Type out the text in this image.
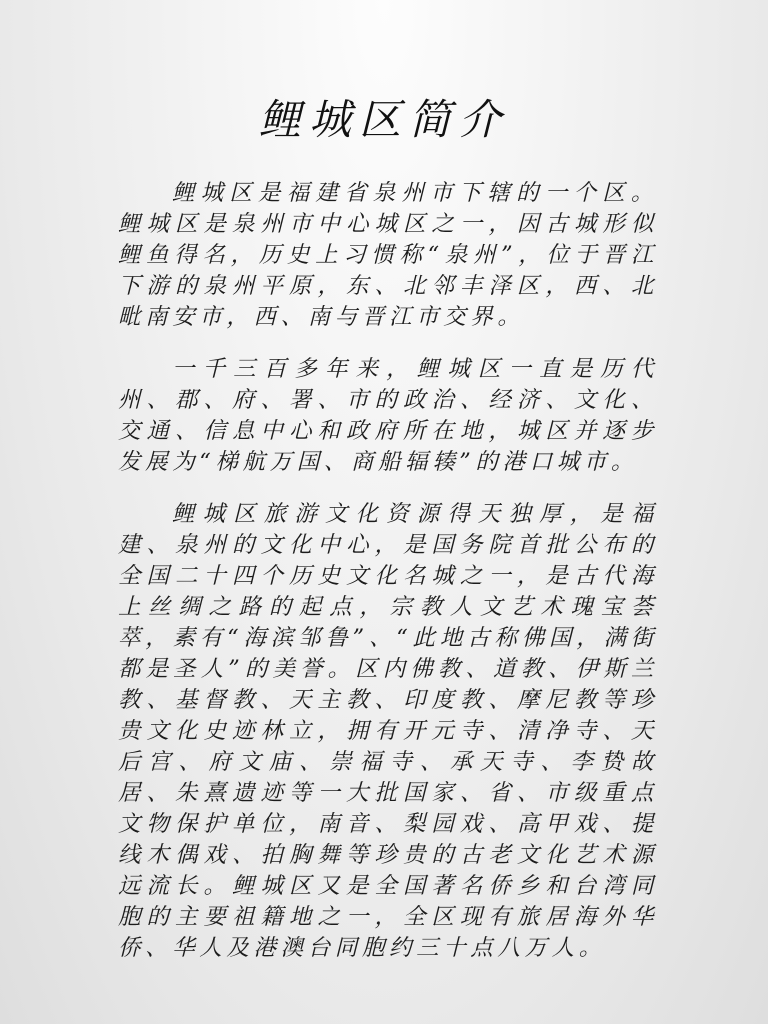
鲤城区简介

鲤城区是福建省泉州市下辖的一个区。鲤城区是泉州市中心城区之一，因古城形似鲤鱼得名，历史上习惯称“泉州”，位于晋江下游的泉州平原，东、北邻丰泽区，西、北毗南安市，西、南与晋江市交界。

一千三百多年来，鲤城区一直是历代州、郡、府、署、市的政治、经济、文化、交通、信息中心和政府所在地，城区并逐步发展为“梯航万国、商船辐辏”的港口城市。

鲤城区旅游文化资源得天独厚，是福建、泉州的文化中心，是国务院首批公布的全国二十四个历史文化名城之一，是古代海上丝绸之路的起点，宗教人文艺术瑰宝荟萃，素有“海滨邹鲁”、“此地古称佛国，满街都是圣人”的美誉。区内佛教、道教、伊斯兰教、基督教、天主教、印度教、摩尼教等珍贵文化史迹林立，拥有开元寺、清净寺、天后宫、府文庙、崇福寺、承天寺、李贽故居、朱熹遗迹等一大批国家、省、市级重点文物保护单位，南音、梨园戏、高甲戏、提线木偶戏、拍胸舞等珍贵的古老文化艺术源远流长。鲤城区又是全国著名侨乡和台湾同胞的主要祖籍地之一，全区现有旅居海外华侨、华人及港澳台同胞约三十点八万人。
